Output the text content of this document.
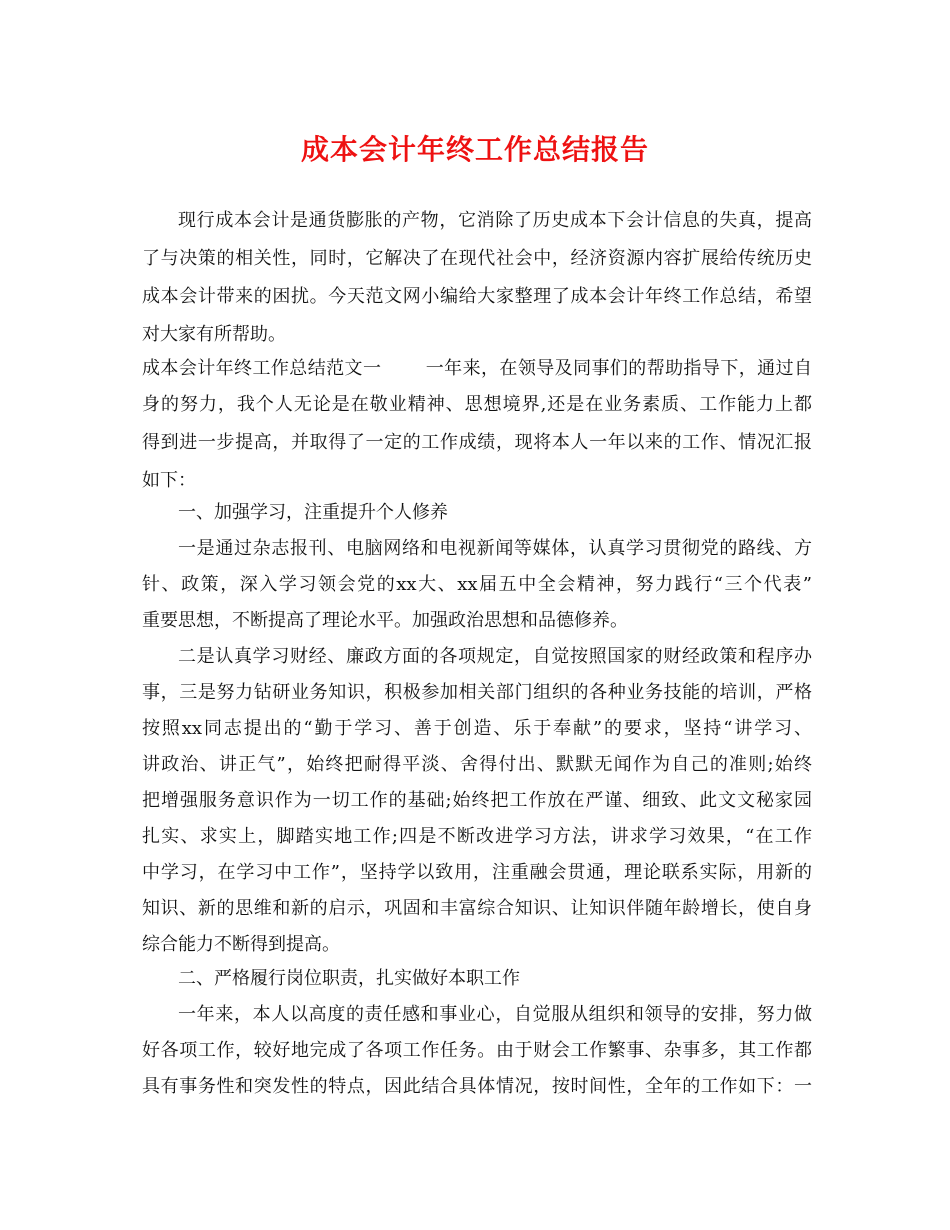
成本会计年终工作总结报告
现行成本会计是通货膨胀的产物，它消除了历史成本下会计信息的失真，提高
了与决策的相关性，同时，它解决了在现代社会中，经济资源内容扩展给传统历史
成本会计带来的困扰。今天范文网小编给大家整理了成本会计年终工作总结，希望
对大家有所帮助。
成本会计年终工作总结范文一 一年来，在领导及同事们的帮助指导下，通过自
身的努力，我个人无论是在敬业精神、思想境界,还是在业务素质、工作能力上都
得到进一步提高，并取得了一定的工作成绩，现将本人一年以来的工作、情况汇报
如下：
一、加强学习，注重提升个人修养
一是通过杂志报刊、电脑网络和电视新闻等媒体，认真学习贯彻党的路线、方
针、政策，深入学习领会党的xx大、xx届五中全会精神，努力践行“三个代表”
重要思想，不断提高了理论水平。加强政治思想和品德修养。
二是认真学习财经、廉政方面的各项规定，自觉按照国家的财经政策和程序办
事，三是努力钻研业务知识，积极参加相关部门组织的各种业务技能的培训，严格
按照xx同志提出的“勤于学习、善于创造、乐于奉献”的要求，坚持“讲学习、
讲政治、讲正气”，始终把耐得平淡、舍得付出、默默无闻作为自己的准则;始终
把增强服务意识作为一切工作的基础;始终把工作放在严谨、细致、此文文秘家园
扎实、求实上，脚踏实地工作;四是不断改进学习方法，讲求学习效果，“在工作
中学习，在学习中工作”，坚持学以致用，注重融会贯通，理论联系实际，用新的
知识、新的思维和新的启示，巩固和丰富综合知识、让知识伴随年龄增长，使自身
综合能力不断得到提高。
二、严格履行岗位职责，扎实做好本职工作
一年来，本人以高度的责任感和事业心，自觉服从组织和领导的安排，努力做
好各项工作，较好地完成了各项工作任务。由于财会工作繁事、杂事多，其工作都
具有事务性和突发性的特点，因此结合具体情况，按时间性，全年的工作如下：一
